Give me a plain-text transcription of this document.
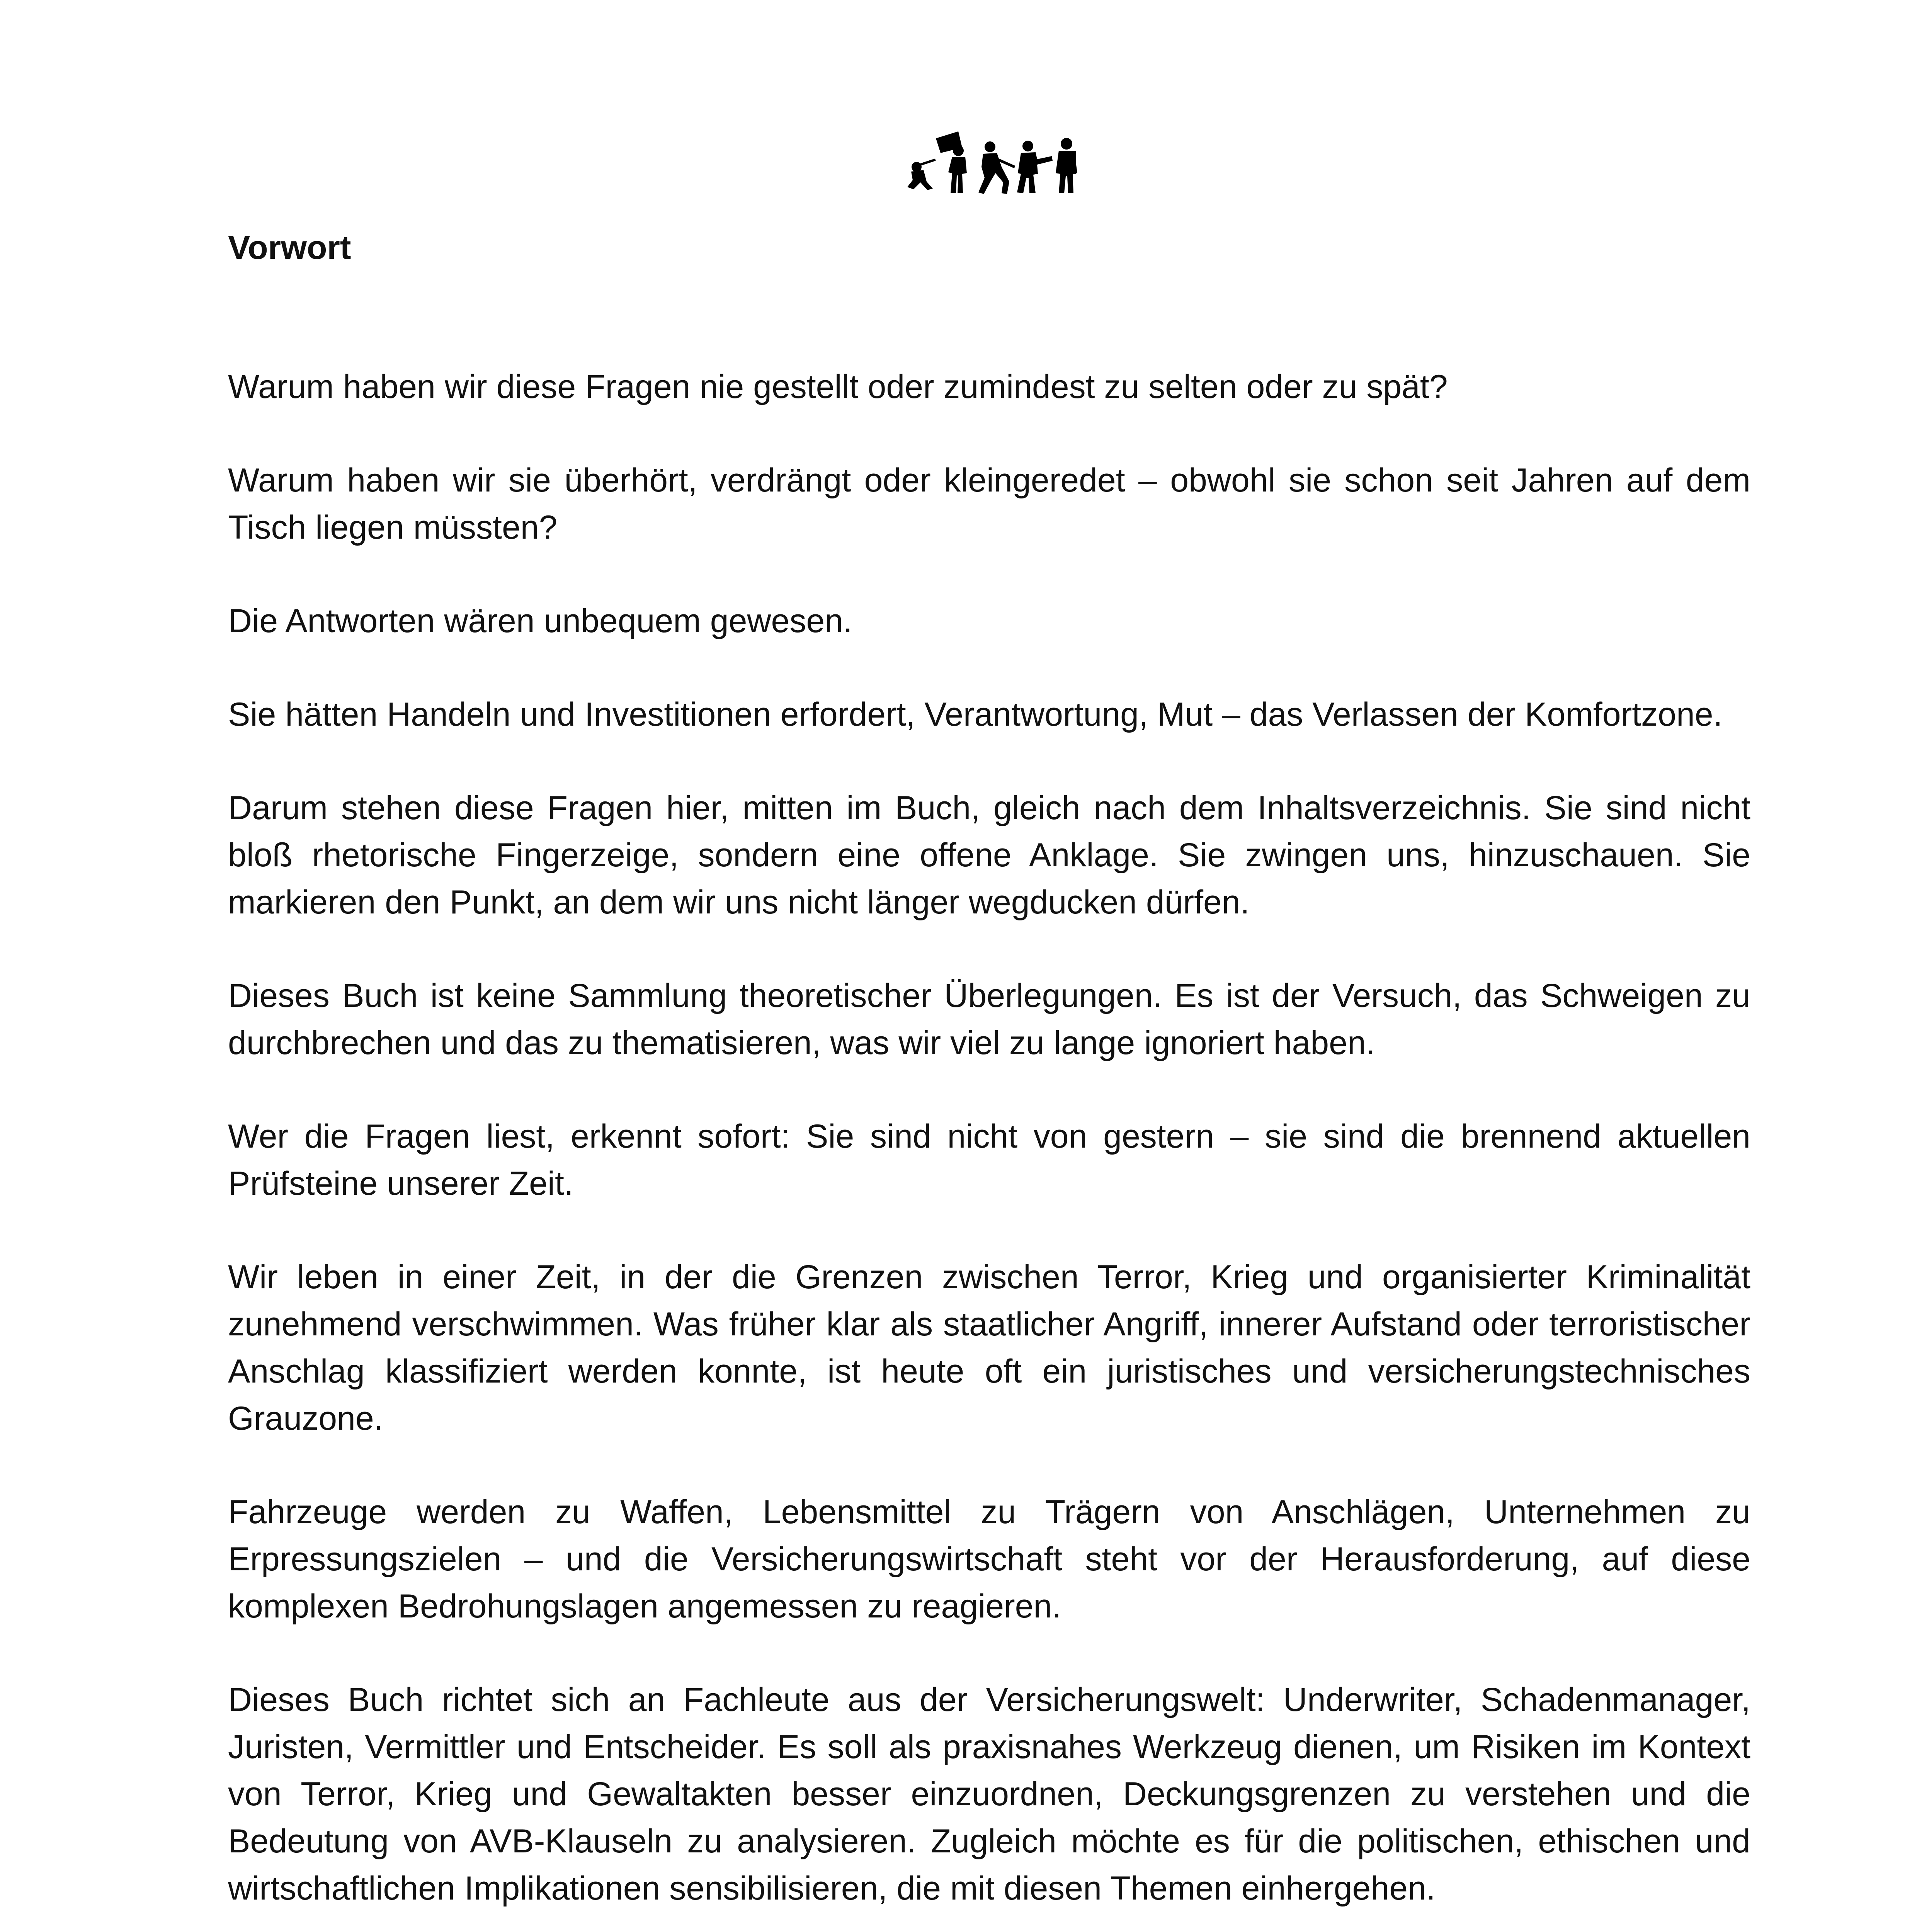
Vorwort

Warum haben wir diese Fragen nie gestellt oder zumindest zu selten oder zu spät?

Warum haben wir sie überhört, verdrängt oder kleingeredet – obwohl sie schon seit Jahren auf dem Tisch liegen müssten?

Die Antworten wären unbequem gewesen.

Sie hätten Handeln und Investitionen erfordert, Verantwortung, Mut – das Verlassen der Komfortzone.

Darum stehen diese Fragen hier, mitten im Buch, gleich nach dem Inhaltsverzeichnis. Sie sind nicht bloß rhetorische Fingerzeige, sondern eine offene Anklage. Sie zwingen uns, hinzuschauen. Sie markieren den Punkt, an dem wir uns nicht länger wegducken dürfen.

Dieses Buch ist keine Sammlung theoretischer Überlegungen. Es ist der Versuch, das Schweigen zu durchbrechen und das zu thematisieren, was wir viel zu lange ignoriert haben.

Wer die Fragen liest, erkennt sofort: Sie sind nicht von gestern – sie sind die brennend aktuellen Prüfsteine unserer Zeit.

Wir leben in einer Zeit, in der die Grenzen zwischen Terror, Krieg und organisierter Kriminalität zunehmend verschwimmen. Was früher klar als staatlicher Angriff, innerer Aufstand oder terroristischer Anschlag klassifiziert werden konnte, ist heute oft ein juristisches und versicherungstechnisches Grauzone.

Fahrzeuge werden zu Waffen, Lebensmittel zu Trägern von Anschlägen, Unternehmen zu Erpressungszielen – und die Versicherungswirtschaft steht vor der Herausforderung, auf diese komplexen Bedrohungslagen angemessen zu reagieren.

Dieses Buch richtet sich an Fachleute aus der Versicherungswelt: Underwriter, Schadenmanager, Juristen, Vermittler und Entscheider. Es soll als praxisnahes Werkzeug dienen, um Risiken im Kontext von Terror, Krieg und Gewaltakten besser einzuordnen, Deckungsgrenzen zu verstehen und die Bedeutung von AVB-Klauseln zu analysieren. Zugleich möchte es für die politischen, ethischen und wirtschaftlichen Implikationen sensibilisieren, die mit diesen Themen einhergehen.
